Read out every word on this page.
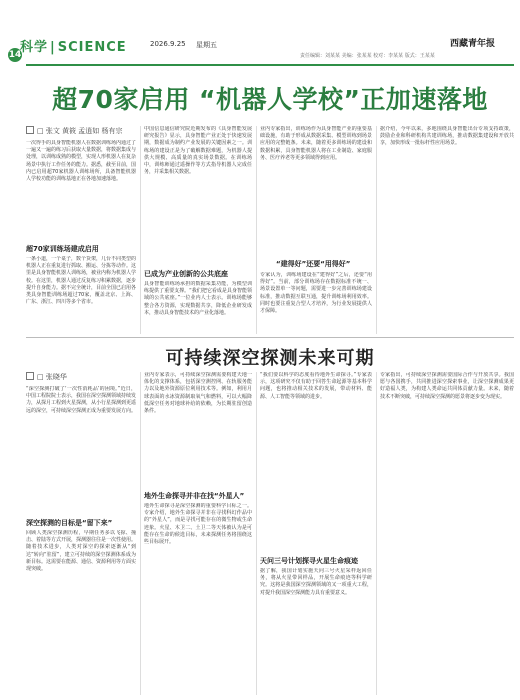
14
科学 | SCIENCE	2026.9.25 星期五	西藏青年报
责任编辑：刘某某 美编：张某某 校对：李某某 版式：王某某
超70家启用 “机器人学校”正加速落地
□ 张文 黄筱 孟逍如 杨有宗
一次得手的具身智能机器人在数据训练场内通过了一遍又一遍的练习后获取大量数据，将数据集成与处理，以训练成熟的模型，实现人形机器人在复杂场景中执行工作任务的能力。据悉，截至目前，国内已启用超70家机器人训练场所，具备智能机器人学校功能的训练基地正在各地加速落地。
超70家训练场建成启用
一条小道，一个桌子，数个货架，几台不同类型的机器人正在重复进行抓取、搬运、分拣等动作。这里是具身智能机器人训练场，被业内称为机器人学校。在这里，机器人通过反复练习积累数据，逐步提升自身能力。据不完全统计，目前全国已启用各类具身智能训练场超过70家，覆盖北京、上海、广东、浙江、四川等多个省市。
中国信息通信研究院近期发布的《具身智能发展研究报告》显示，具身智能产业正处于快速发展期，数据成为制约产业发展的关键因素之一。训练场的建设正是为了破解数据难题，为机器人提供大规模、高质量的真实场景数据。在训练场中，训练师通过遥操作等方式指导机器人完成任务，并采集相关数据。
已成为产业创新的公共底座
具身智能训练场承担的数据采集功能，为模型训练提供了重要支撑。“我们把它看成是具身智能领域的公共底座。”一位业内人士表示。训练场能够整合各方资源，实现数据共享，降低企业研发成本，推动具身智能技术的产业化落地。
业内专家指出，训练场作为具身智能产业的重要基础设施，有助于形成从数据采集、模型训练到场景应用的完整链条。未来，随着更多训练场的建设和数据积累，具身智能机器人将在工业制造、家庭服务、医疗养老等更多领域得到应用。
“建得好”还要“用得好”
专家认为，训练场建设在“建得好”之后，还要“用得好”。当前，部分训练场存在数据标准不统一、场景设置单一等问题，需要进一步完善训练场建设标准，推动数据互联互通，提升训练场利用效率。同时也要注重复合型人才培养，为行业发展提供人才保障。
据介绍，今年以来，多地围绕具身智能出台专项支持政策，鼓励企业和科研机构共建训练场，推动数据集建设和开放共享，加快形成一批标杆性应用场景。
可持续深空探测未来可期
□ 张晓华
“深空探测打破了‘一次性消耗品’的困境。”近日，中国工程院院士表示，我国在深空探测领域持续发力，从探月工程到火星探测，从小行星探测到更遥远的深空，可持续深空探测正成为重要发展方向。
深空探测的目标是“留下来”
回顾人类深空探测历程，早期任务多以飞掠、撞击、着陆等方式开展，探测器往往是一次性使用。随着技术进步，人类对深空的探索逐渐从“到达”转向“驻留”，建立可持续的深空探测体系成为新目标。这需要在能源、通信、资源利用等方面实现突破。
业内专家表示，可持续深空探测需要构建天地一体化的支撑体系，包括深空测控网、在轨服务能力以及地外资源原位利用技术等。例如，利用月球表面的水冰资源制取氧气和燃料，可以大幅降低深空任务对地球补给的依赖，为长期驻留创造条件。
地外生命探寻并非在找“外星人”
地外生命探寻是深空探测的重要科学目标之一。专家介绍，地外生命探寻并非在寻找科幻作品中的“外星人”，而是寻找可能存在的微生物或生命迹象。火星、木卫二、土卫二等天体被认为是可能存在生命的候选目标，未来探测任务将围绕这些目标展开。
“我们要以科学的态度看待地外生命探寻。”专家表示，这项研究不仅有助于回答生命起源等基本科学问题，也将推动相关技术的发展，带动材料、能源、人工智能等领域的进步。
天问三号计划探寻火星生命痕迹
据了解，我国计划实施天问三号火星采样返回任务，将从火星带回样品，开展生命痕迹等科学研究。这将是我国深空探测领域的又一项重大工程，对提升我国深空探测能力具有重要意义。
专家指出，可持续深空探测需要国际合作与开放共享。我国愿与各国携手，共同推进深空探索事业，让深空探测成果更好造福人类，为构建人类命运共同体贡献力量。未来，随着技术不断突破，可持续深空探测的愿景将逐步变为现实。
